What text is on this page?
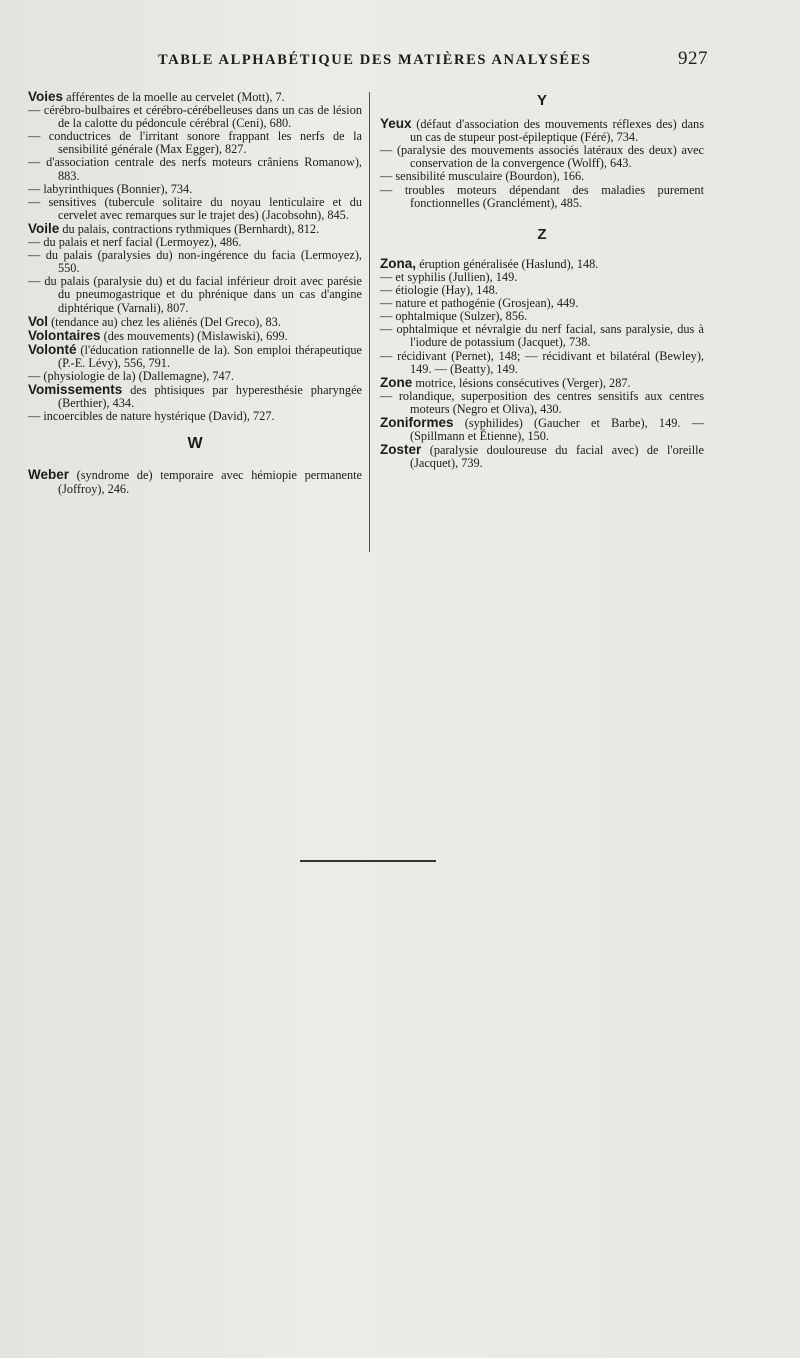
TABLE ALPHABÉTIQUE DES MATIÈRES ANALYSÉES	927

Voies afférentes de la moelle au cervelet (Mott), 7.

— cérébro-bulbaires et cérébro-cérébelleuses dans un cas de lésion de la calotte du pédoncule cérébral (Ceni), 680.

— conductrices de l'irritant sonore frappant les nerfs de la sensibilité générale (Max Egger), 827.

— d'association centrale des nerfs moteurs crâniens Romanow), 883.

— labyrinthiques (Bonnier), 734.

— sensitives (tubercule solitaire du noyau lenticulaire et du cervelet avec remarques sur le trajet des) (Jacobsohn), 845.

Voile du palais, contractions rythmiques (Bernhardt), 812.

— du palais et nerf facial (Lermoyez), 486.

— du palais (paralysies du) non-ingérence du facia (Lermoyez), 550.

— du palais (paralysie du) et du facial inférieur droit avec parésie du pneumogastrique et du phrénique dans un cas d'angine diphtérique (Varnali), 807.

Vol (tendance au) chez les aliénés (Del Greco), 83.

Volontaires (des mouvements) (Mislawiski), 699.

Volonté (l'éducation rationnelle de la). Son emploi thérapeutique (P.-E. Lévy), 556, 791.

— (physiologie de la) (Dallemagne), 747.

Vomissements des phtisiques par hyperesthésie pharyngée (Berthier), 434.

— incoercibles de nature hystérique (David), 727.

W

Weber (syndrome de) temporaire avec hémiopie permanente (Joffroy), 246.

Y

Yeux (défaut d'association des mouvements réflexes des) dans un cas de stupeur post-épileptique (Féré), 734.

— (paralysie des mouvements associés latéraux des deux) avec conservation de la convergence (Wolff), 643.

— sensibilité musculaire (Bourdon), 166.

— troubles moteurs dépendant des maladies purement fonctionnelles (Granclément), 485.

Z

Zona, éruption généralisée (Haslund), 148.

— et syphilis (Jullien), 149.

— étiologie (Hay), 148.

— nature et pathogénie (Grosjean), 449.

— ophtalmique (Sulzer), 856.

— ophtalmique et névralgie du nerf facial, sans paralysie, dus à l'iodure de potassium (Jacquet), 738.

— récidivant (Pernet), 148; — récidivant et bilatéral (Bewley), 149. — (Beatty), 149.

Zone motrice, lésions consécutives (Verger), 287.

— rolandique, superposition des centres sensitifs aux centres moteurs (Negro et Oliva), 430.

Zoniformes (syphilides) (Gaucher et Barbe), 149. — (Spillmann et Étienne), 150.

Zoster (paralysie douloureuse du facial avec) de l'oreille (Jacquet), 739.
